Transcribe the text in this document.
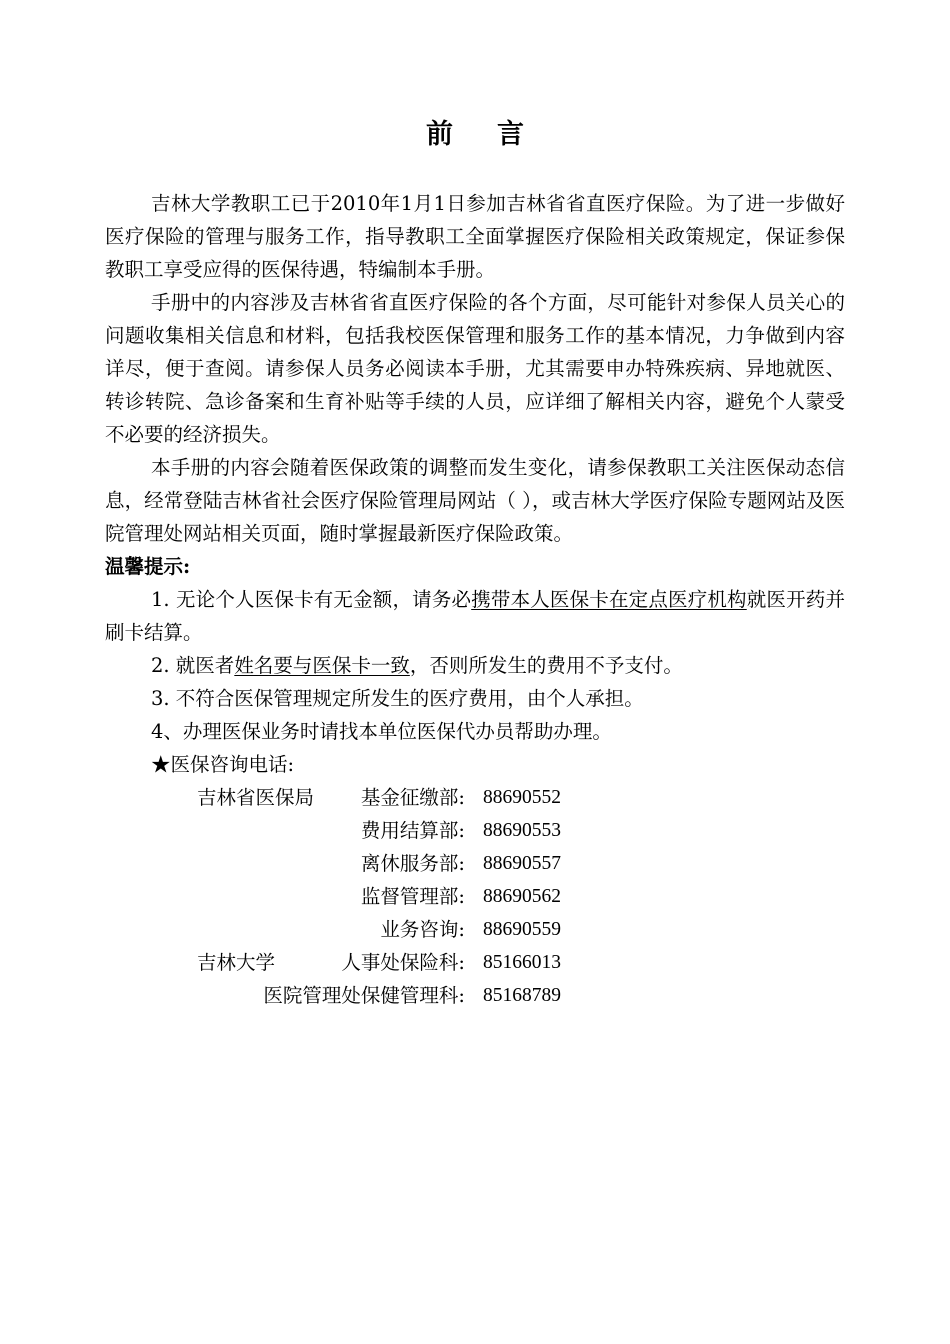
前言

吉林大学教职工已于2010年1月1日参加吉林省省直医疗保险。为了进一步做好医疗保险的管理与服务工作，指导教职工全面掌握医疗保险相关政策规定，保证参保教职工享受应得的医保待遇，特编制本手册。

手册中的内容涉及吉林省省直医疗保险的各个方面，尽可能针对参保人员关心的问题收集相关信息和材料，包括我校医保管理和服务工作的基本情况，力争做到内容详尽，便于查阅。请参保人员务必阅读本手册，尤其需要申办特殊疾病、异地就医、转诊转院、急诊备案和生育补贴等手续的人员，应详细了解相关内容，避免个人蒙受不必要的经济损失。

本手册的内容会随着医保政策的调整而发生变化，请参保教职工关注医保动态信息，经常登陆吉林省社会医疗保险管理局网站（ ），或吉林大学医疗保险专题网站及医院管理处网站相关页面，随时掌握最新医疗保险政策。

温馨提示:

1. 无论个人医保卡有无金额，请务必携带本人医保卡在定点医疗机构就医开药并刷卡结算。

2. 就医者姓名要与医保卡一致，否则所发生的费用不予支付。

3. 不符合医保管理规定所发生的医疗费用，由个人承担。

4、办理医保业务时请找本单位医保代办员帮助办理。

★医保咨询电话:

吉林省医保局 基金征缴部: 88690552
费用结算部: 88690553
离休服务部: 88690557
监督管理部: 88690562
业务咨询: 88690559
吉林大学	人事处保险科: 85166013
医院管理处保健管理科: 85168789
